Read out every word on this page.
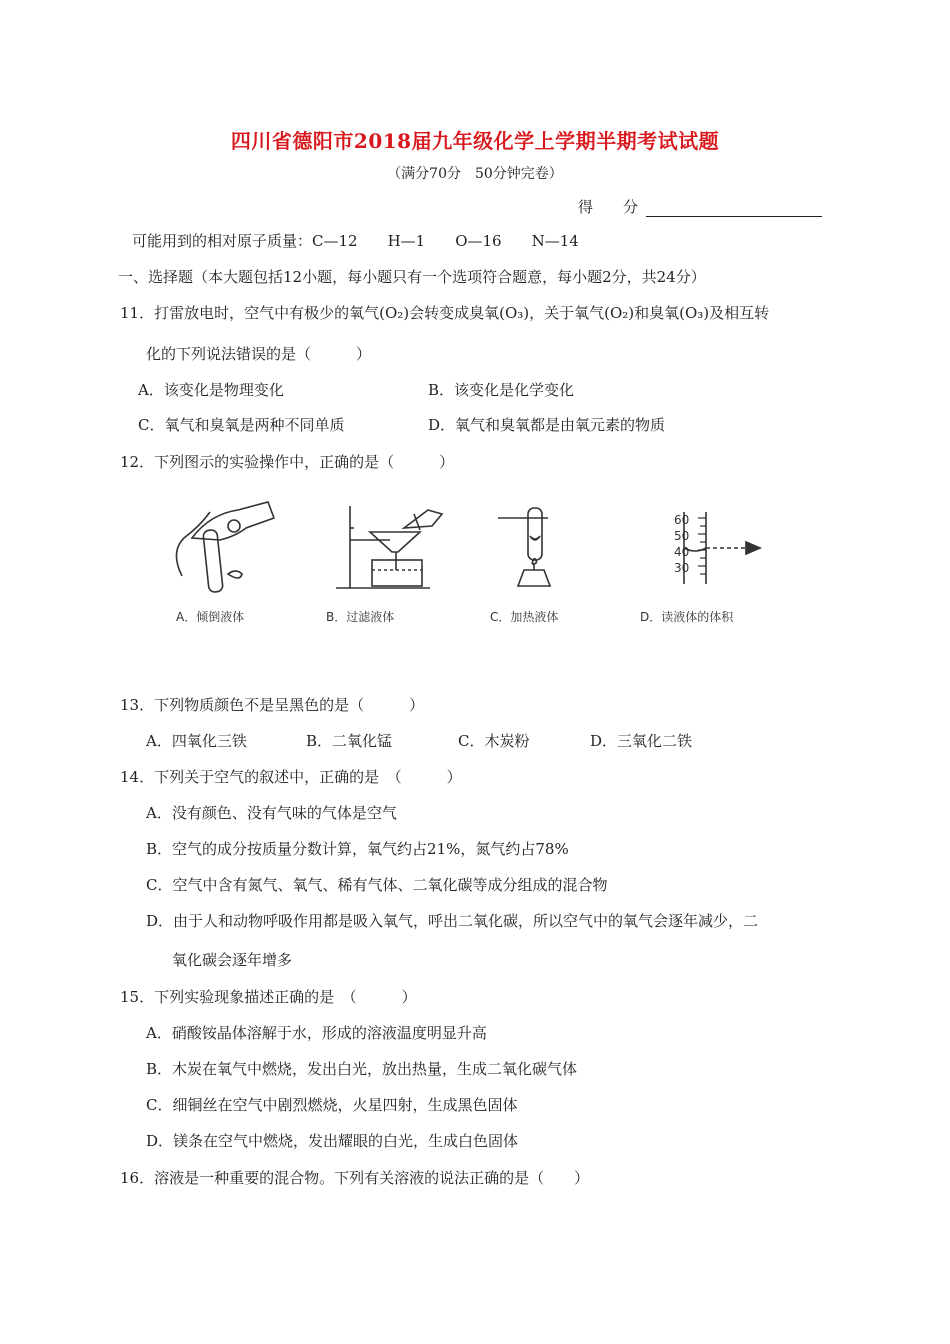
四川省德阳市2018届九年级化学上学期半期考试试题
（满分70分　50分钟完卷）
得　　分
可能用到的相对原子质量：C—12　　H—1　　O—16　　N—14
一、选择题（本大题包括12小题，每小题只有一个选项符合题意，每小题2分，共24分）
11．打雷放电时，空气中有极少的氧气(O₂)会转变成臭氧(O₃)，关于氧气(O₂)和臭氧(O₃)及相互转
化的下列说法错误的是（　　　）
A．该变化是物理变化	B．该变化是化学变化
C．氧气和臭氧是两种不同单质	D．氧气和臭氧都是由氧元素的物质
12．下列图示的实验操作中，正确的是（　　　）
A．倾倒液体	B．过滤液体	C．加热液体
60
50
40
30
D．读液体的体积
13．下列物质颜色不是呈黑色的是（　　　）
A．四氧化三铁	B．二氧化锰	C．木炭粉	D．三氧化二铁
14．下列关于空气的叙述中，正确的是　（　　　）
A．没有颜色、没有气味的气体是空气
B．空气的成分按质量分数计算，氧气约占21%，氮气约占78%
C．空气中含有氮气、氧气、稀有气体、二氧化碳等成分组成的混合物
D．由于人和动物呼吸作用都是吸入氧气，呼出二氧化碳，所以空气中的氧气会逐年减少，二
氧化碳会逐年增多
15．下列实验现象描述正确的是　（　　　）
A．硝酸铵晶体溶解于水，形成的溶液温度明显升高
B．木炭在氧气中燃烧，发出白光，放出热量，生成二氧化碳气体
C．细铜丝在空气中剧烈燃烧，火星四射，生成黑色固体
D．镁条在空气中燃烧，发出耀眼的白光，生成白色固体
16．溶液是一种重要的混合物。下列有关溶液的说法正确的是（　　）
